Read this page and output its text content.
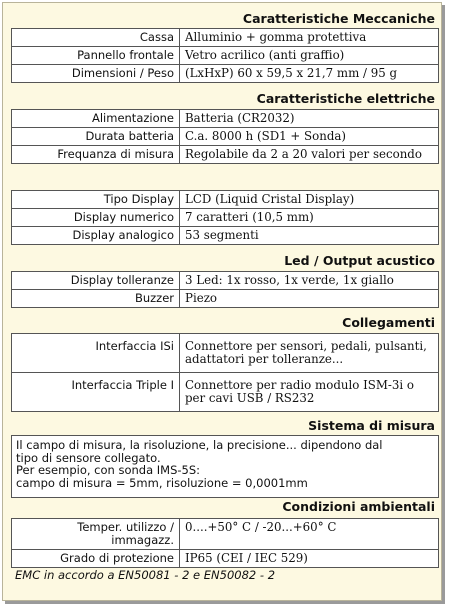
Caratteristiche Meccaniche
Cassa	Alluminio + gomma protettiva
Pannello frontale	Vetro acrilico (anti graffio)
Dimensioni / Peso	(LxHxP) 60 x 59,5 x 21,7 mm / 95 g
Caratteristiche elettriche
Alimentazione	Batteria (CR2032)
Durata batteria	C.a. 8000 h (SD1 + Sonda)
Frequanza di misura	Regolabile da 2 a 20 valori per secondo
Tipo Display	LCD (Liquid Cristal Display)
Display numerico	7 caratteri (10,5 mm)
Display analogico	53 segmenti
Led / Output acustico
Display tolleranze	3 Led: 1x rosso, 1x verde, 1x giallo
Buzzer	Piezo
Collegamenti
Interfaccia ISi	Connettore per sensori, pedali, pulsanti, adattatori per tolleranze...
Interfaccia Triple I	Connettore per radio modulo ISM-3i o per cavi USB / RS232
Sistema di misura
Il campo di misura, la risoluzione, la precisione... dipendono dal
tipo di sensore collegato.
Per esempio, con sonda IMS-5S:
campo di misura = 5mm, risoluzione = 0,0001mm
Condizioni ambientali
Temper. utilizzo / immagazz.	0....+50° C / -20...+60° C
Grado di protezione	IP65 (CEI / IEC 529)
EMC in accordo a EN50081 - 2 e EN50082 - 2
